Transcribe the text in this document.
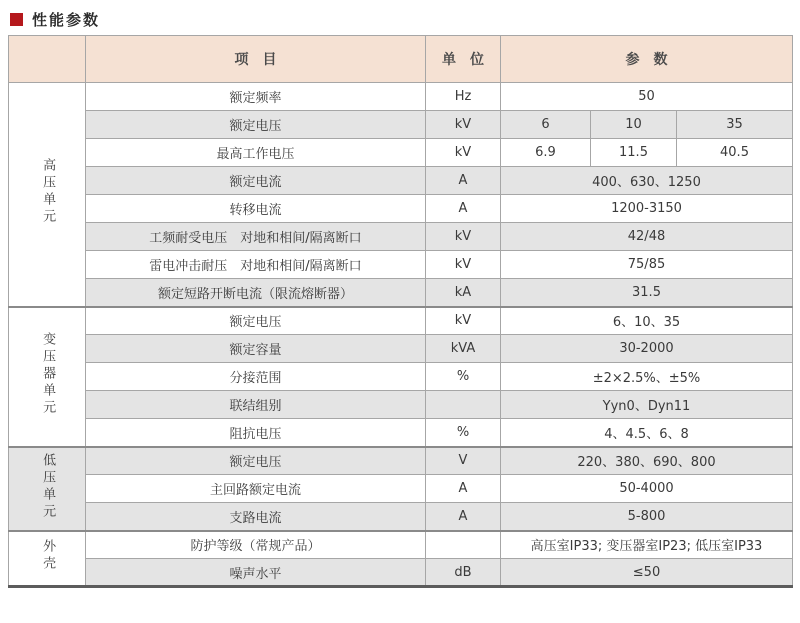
性能参数
	项　目	单　位	参　数		
高压单元	额定频率	Hz	50		
	额定电压	kV	6	10	35
	最高工作电压	kV	6.9	11.5	40.5
	额定电流	A	400、630、1250		
	转移电流	A	1200-3150		
	工频耐受电压　对地和相间/隔离断口	kV	42/48		
	雷电冲击耐压　对地和相间/隔离断口	kV	75/85		
	额定短路开断电流（限流熔断器）	kA	31.5		
变压器单元	额定电压	kV	6、10、35		
	额定容量	kVA	30-2000		
	分接范围	%	±2×2.5%、±5%		
	联结组别		Yyn0、Dyn11		
	阻抗电压	%	4、4.5、6、8		
低压单元	额定电压	V	220、380、690、800		
	主回路额定电流	A	50-4000		
	支路电流	A	5-800		
外壳	防护等级（常规产品）		高压室IP33; 变压器室IP23; 低压室IP33		
	噪声水平	dB	≤50		
